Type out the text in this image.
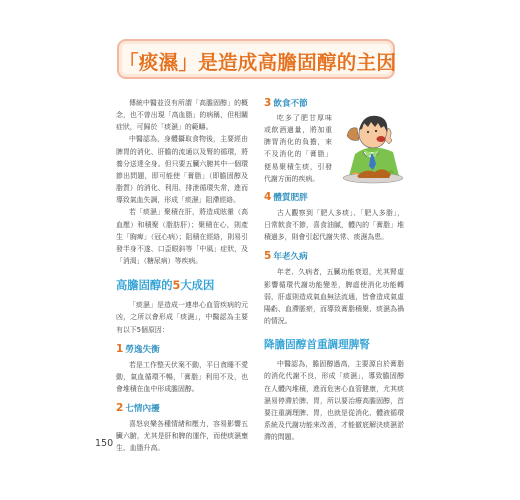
「痰濕」是造成高膽固醇的主因

傳統中醫並沒有所謂「高膽固醇」的概念，也不曾出現「高血脂」的病稱，但相關症狀，可歸於「痰濕」的範疇。

中醫認為，身體攝取食物後，主要經由脾胃的消化、肝膽的流通以及腎的循環，將養分送達全身。但只要五臟六腑其中一個環節出問題，即可能使「膏脂」（即膽固醇及脂質）的消化、利用、排泄循環失常，進而導致氣血失調，形成「痰濕」阻滯經絡。

若「痰濕」聚積在肝，將造成眩暈（高血壓）和積聚（脂肪肝）；聚積在心，則產生「胸痺」（冠心病）；阻積在經絡，則易引發半身不遂、口歪眼斜等「中風」症狀，及「消渴」（糖尿病）等疾病。

高膽固醇的5大成因

「痰濕」是造成一連串心血管疾病的元凶，之所以會形成「痰濕」，中醫認為主要有以下5個原因：

1 勞逸失衡

若是工作整天伏案不動，平日貪睡不愛動，氣血循環不暢，「膏脂」利用不及，也會堆積在血中形成膽固醇。

2 七情內擾

喜怒哀樂各種情緒和壓力，容易影響五臟六腑，尤其是肝和脾的運作，而使痰濕壅生、血脂升高。

3 飲食不節

吃多了肥甘厚味或飲酒過量，將加重脾胃消化的負擔，來不及消化的「膏脂」便易聚積生痰，引發代謝方面的疾病。

4 體質肥胖

古人觀察到「肥人多痰」、「肥人多脂」，日常飲食不節，喜食油膩，體內的「膏脂」堆積過多，則會引起代謝失常、痰濕為患。

5 年老久病

年老、久病者，五臟功能衰退，尤其腎虛影響循環代謝功能變差，脾虛使消化功能轉弱，肝虛則造成氣血無法流通，皆會造成氣虛陽虧、血滯脈瘀，而導致膏脂積聚、痰濕為禍的情況。

降膽固醇首重調理脾腎

中醫認為，膽固醇過高，主要源自於膏脂的消化代謝不良，形成「痰濕」，導致膽固醇在人體內堆積，進而危害心血管健康，尤其痰濕易停滯於脾、胃，所以要治療高膽固醇，首要注重調理脾、胃，也就是從消化、體液循環系統及代謝功能來改善，才能徹底解決痰濕淤滯的問題。

150
